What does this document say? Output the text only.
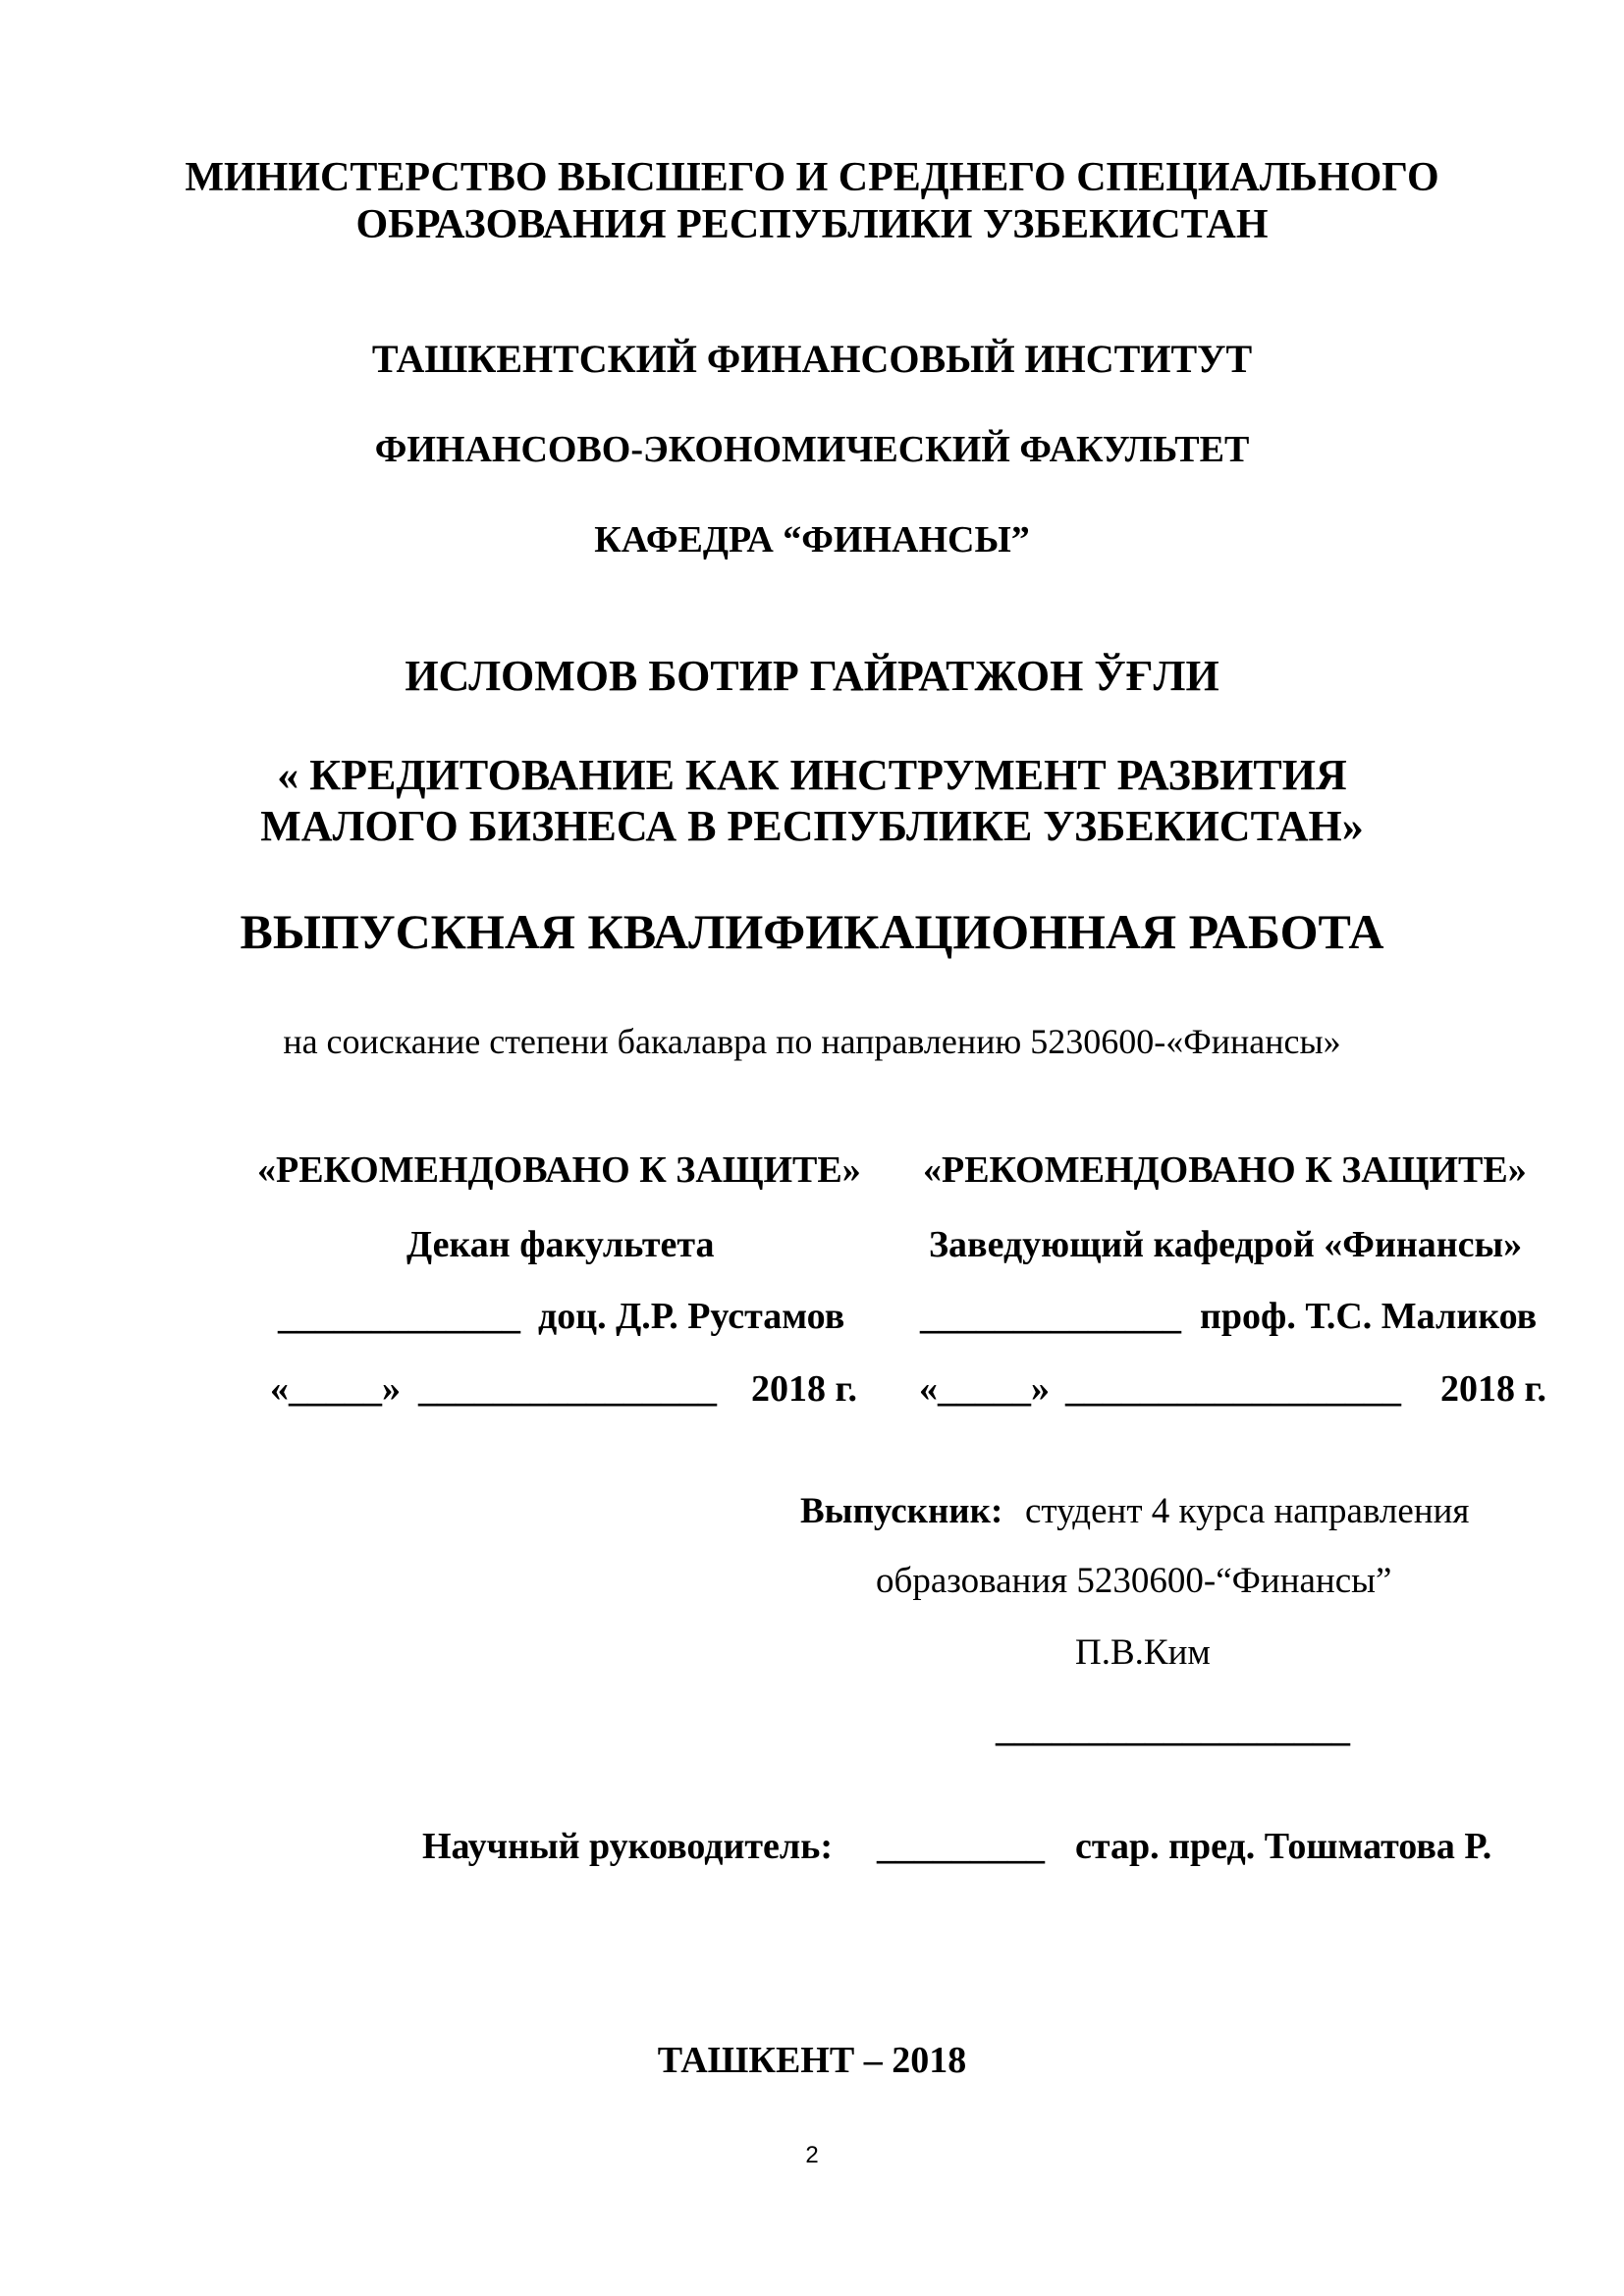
МИНИСТЕРСТВО ВЫСШЕГО И СРЕДНЕГО СПЕЦИАЛЬНОГО
ОБРАЗОВАНИЯ РЕСПУБЛИКИ УЗБЕКИСТАН
ТАШКЕНТСКИЙ ФИНАНСОВЫЙ ИНСТИТУТ
ФИНАНСОВО-ЭКОНОМИЧЕСКИЙ ФАКУЛЬТЕТ
КАФЕДРА “ФИНАНСЫ”
ИСЛОМОВ БОТИР ГАЙРАТЖОН ЎҒЛИ
« КРЕДИТОВАНИЕ КАК ИНСТРУМЕНТ РАЗВИТИЯ
МАЛОГО БИЗНЕСА В РЕСПУБЛИКЕ УЗБЕКИСТАН»
ВЫПУСКНАЯ КВАЛИФИКАЦИОННАЯ РАБОТА
на соискание степени бакалавра по направлению 5230600-«Финансы»
«РЕКОМЕНДОВАНО К ЗАЩИТЕ»
Декан факультета
_____________ доц. Д.Р. Рустамов
«_____» ________________ 2018 г.
«РЕКОМЕНДОВАНО К ЗАЩИТЕ»
Заведующий кафедрой «Финансы»
______________ проф. Т.С. Маликов
«_____» __________________ 2018 г.
Выпускник: студент 4 курса направления
образования 5230600-“Финансы”
П.В.Ким
___________________
Научный руководитель: _________ стар. пред. Тошматова Р.
ТАШКЕНТ – 2018
2
